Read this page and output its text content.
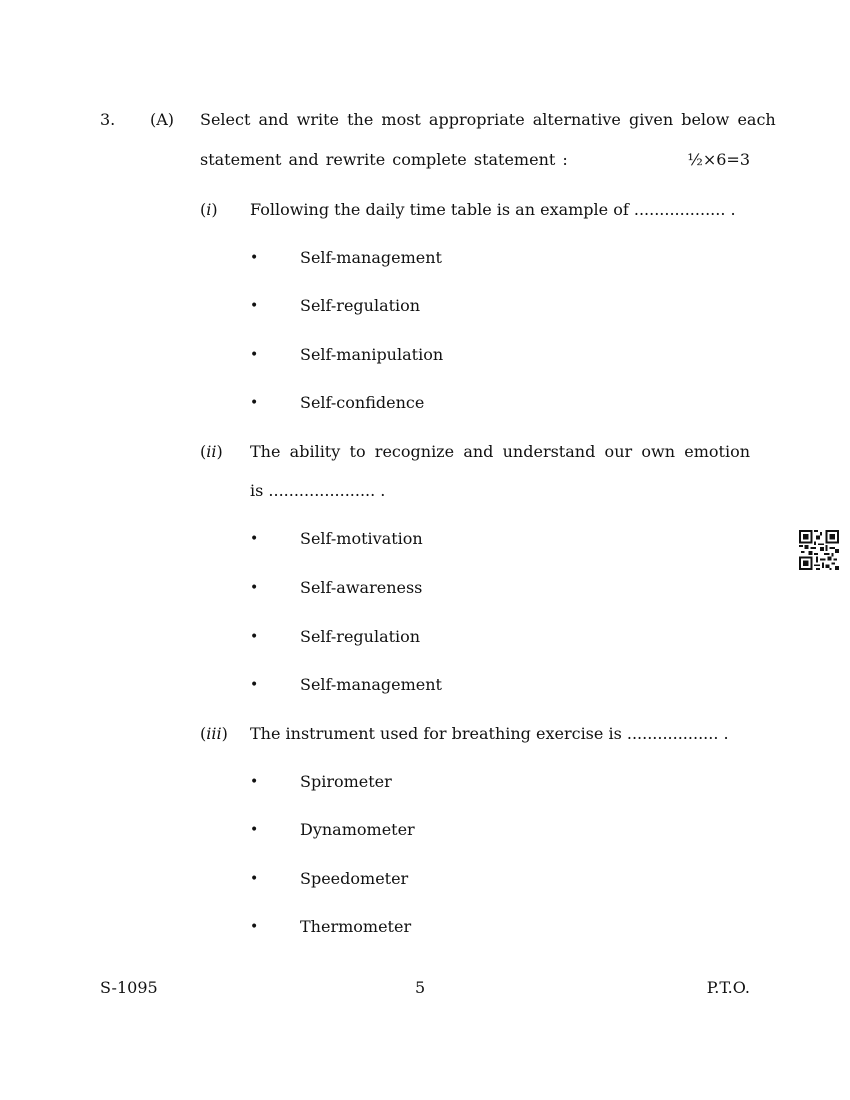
3. (A) Select and write the most appropriate alternative given below each
statement and rewrite complete statement :	½×6=3
(i) Following the daily time table is an example of .................. .
•	Self-management
•	Self-regulation
•	Self-manipulation
•	Self-confidence
(ii) The ability to recognize and understand our own emotion
is ..................... .
•	Self-motivation
•	Self-awareness
•	Self-regulation
•	Self-management
(iii) The instrument used for breathing exercise is .................. .
•	Spirometer
•	Dynamometer
•	Speedometer
•	Thermometer
S-1095	5	P.T.O.
